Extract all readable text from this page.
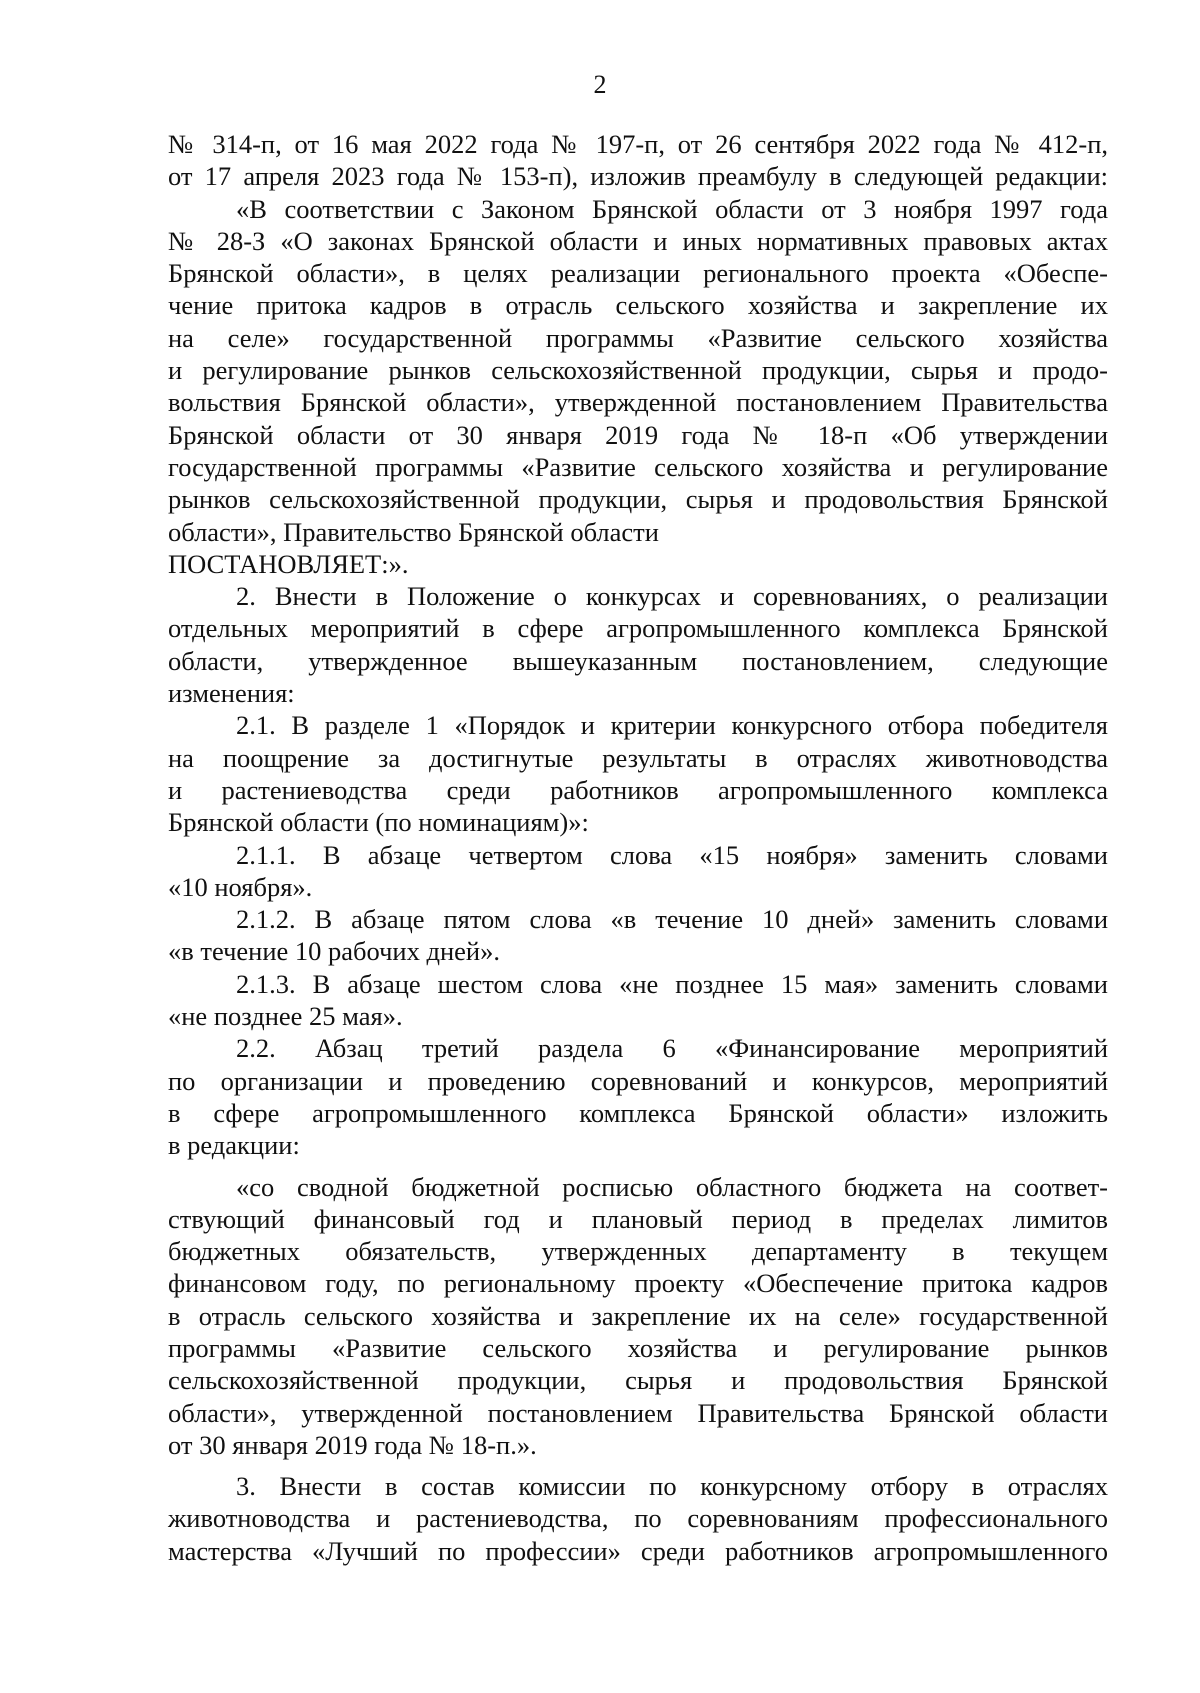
2
№ 314-п, от 16 мая 2022 года № 197-п, от 26 сентября 2022 года № 412-п,
от 17 апреля 2023 года № 153-п), изложив преамбулу в следующей редакции:
«В соответствии с Законом Брянской области от 3 ноября 1997 года
№ 28-З «О законах Брянской области и иных нормативных правовых актах
Брянской области», в целях реализации регионального проекта «Обеспе-
чение притока кадров в отрасль сельского хозяйства и закрепление их
на селе» государственной программы «Развитие сельского хозяйства
и регулирование рынков сельскохозяйственной продукции, сырья и продо-
вольствия Брянской области», утвержденной постановлением Правительства
Брянской области от 30 января 2019 года № 18-п «Об утверждении
государственной программы «Развитие сельского хозяйства и регулирование
рынков сельскохозяйственной продукции, сырья и продовольствия Брянской
области», Правительство Брянской области
ПОСТАНОВЛЯЕТ:».
2. Внести в Положение о конкурсах и соревнованиях, о реализации
отдельных мероприятий в сфере агропромышленного комплекса Брянской
области, утвержденное вышеуказанным постановлением, следующие
изменения:
2.1. В разделе 1 «Порядок и критерии конкурсного отбора победителя
на поощрение за достигнутые результаты в отраслях животноводства
и растениеводства среди работников агропромышленного комплекса
Брянской области (по номинациям)»:
2.1.1. В абзаце четвертом слова «15 ноября» заменить словами
«10 ноября».
2.1.2. В абзаце пятом слова «в течение 10 дней» заменить словами
«в течение 10 рабочих дней».
2.1.3. В абзаце шестом слова «не позднее 15 мая» заменить словами
«не позднее 25 мая».
2.2. Абзац третий раздела 6 «Финансирование мероприятий
по организации и проведению соревнований и конкурсов, мероприятий
в сфере агропромышленного комплекса Брянской области» изложить
в редакции:
«со сводной бюджетной росписью областного бюджета на соответ-
ствующий финансовый год и плановый период в пределах лимитов
бюджетных обязательств, утвержденных департаменту в текущем
финансовом году, по региональному проекту «Обеспечение притока кадров
в отрасль сельского хозяйства и закрепление их на селе» государственной
программы «Развитие сельского хозяйства и регулирование рынков
сельскохозяйственной продукции, сырья и продовольствия Брянской
области», утвержденной постановлением Правительства Брянской области
от 30 января 2019 года № 18-п.».
3. Внести в состав комиссии по конкурсному отбору в отраслях
животноводства и растениеводства, по соревнованиям профессионального
мастерства «Лучший по профессии» среди работников агропромышленного
